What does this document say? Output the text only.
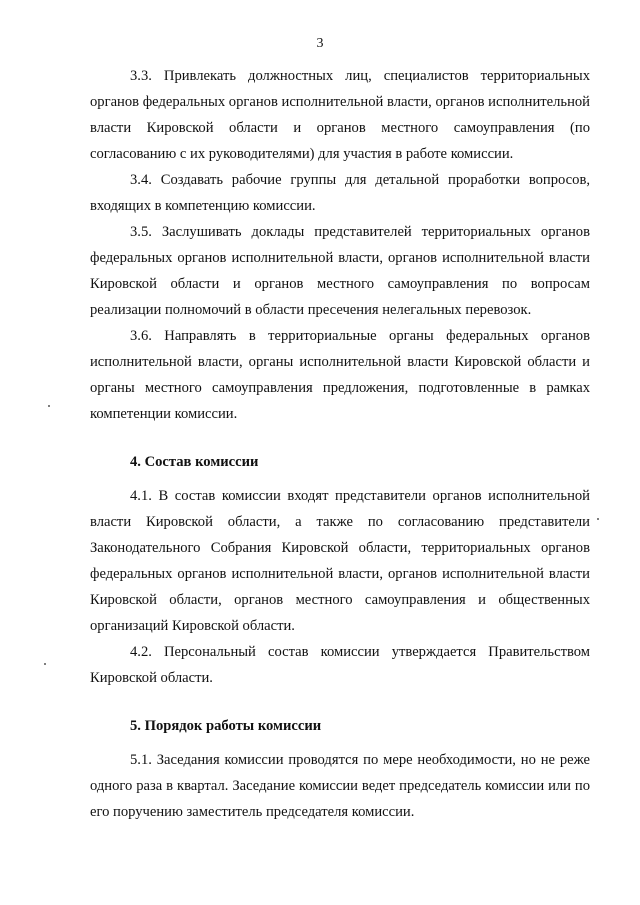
3

3.3. Привлекать должностных лиц, специалистов территориальных органов федеральных органов исполнительной власти, органов исполнительной власти Кировской области и органов местного самоуправления (по согласованию с их руководителями) для участия в работе комиссии.

3.4. Создавать рабочие группы для детальной проработки вопросов, входящих в компетенцию комиссии.

3.5. Заслушивать доклады представителей территориальных органов федеральных органов исполнительной власти, органов исполнительной власти Кировской области и органов местного самоуправления по вопросам реализации полномочий в области пресечения нелегальных перевозок.

3.6. Направлять в территориальные органы федеральных органов исполнительной власти, органы исполнительной власти Кировской области и органы местного самоуправления предложения, подготовленные в рамках компетенции комиссии.

4. Состав комиссии

4.1. В состав комиссии входят представители органов исполнительной власти Кировской области, а также по согласованию представители Законодательного Собрания Кировской области, территориальных органов федеральных органов исполнительной власти, органов исполнительной власти Кировской области, органов местного самоуправления и общественных организаций Кировской области.

4.2. Персональный состав комиссии утверждается Правительством Кировской области.

5. Порядок работы комиссии

5.1. Заседания комиссии проводятся по мере необходимости, но не реже одного раза в квартал. Заседание комиссии ведет председатель комиссии или по его поручению заместитель председателя комиссии.
